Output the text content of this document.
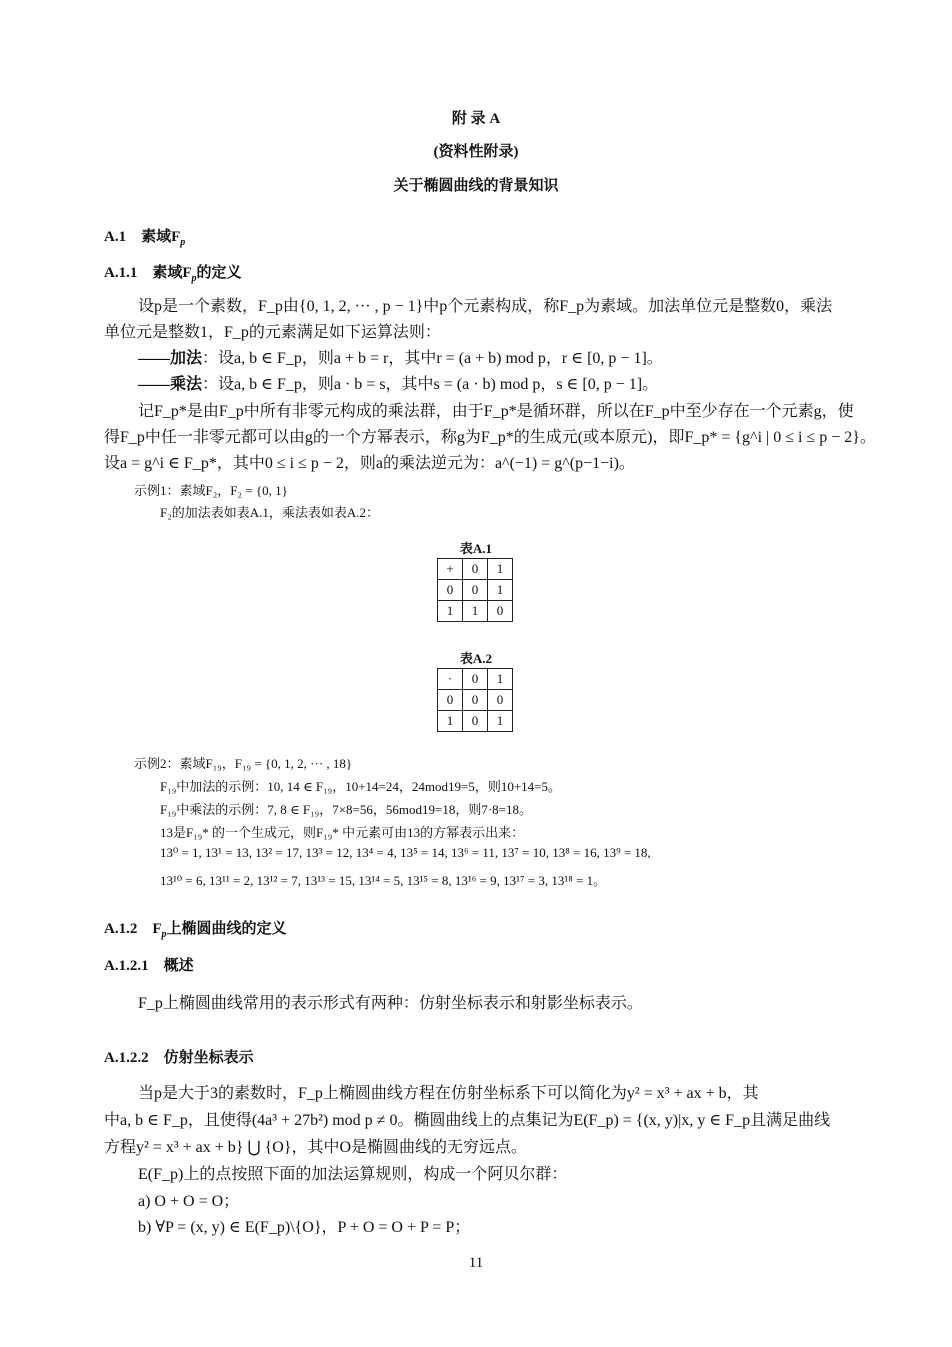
附 录 A
(资料性附录)
关于椭圆曲线的背景知识
A.1　素域$F_p$
A.1.1　素域$F_p$的定义
设p是一个素数，F_p由{0, 1, 2, ··· , p − 1}中p个元素构成，称F_p为素域。加法单位元是整数0，乘法
单位元是整数1，F_p的元素满足如下运算法则：
——加法：设a, b ∈ F_p，则a + b = r，其中r = (a + b) mod p，r ∈ [0, p − 1]。
——乘法：设a, b ∈ F_p，则a · b = s，其中s = (a · b) mod p，s ∈ [0, p − 1]。
记F_p*是由F_p中所有非零元构成的乘法群，由于F_p*是循环群，所以在F_p中至少存在一个元素g，使
得F_p中任一非零元都可以由g的一个方幂表示，称g为F_p*的生成元(或本原元)，即F_p* = {g^i | 0 ≤ i ≤ p − 2}。
设a = g^i ∈ F_p*，其中0 ≤ i ≤ p − 2，则a的乘法逆元为：a^(−1) = g^(p−1−i)。
示例1：素域F₂，F₂ = {0, 1}
F₂的加法表如表A.1，乘法表如表A.2：
表A.1
+	0	1
0	0	1
1	1	0
表A.2
·	0	1
0	0	0
1	0	1
示例2：素域F₁₉，F₁₉ = {0, 1, 2, ··· , 18}
F₁₉中加法的示例：10, 14 ∈ F₁₉，10+14=24，24mod19=5，则10+14=5。
F₁₉中乘法的示例：7, 8 ∈ F₁₉，7×8=56，56mod19=18，则7·8=18。
13是F₁₉* 的一个生成元，则F₁₉* 中元素可由13的方幂表示出来：
13⁰ = 1, 13¹ = 13, 13² = 17, 13³ = 12, 13⁴ = 4, 13⁵ = 14, 13⁶ = 11, 13⁷ = 10, 13⁸ = 16, 13⁹ = 18,
13¹⁰ = 6, 13¹¹ = 2, 13¹² = 7, 13¹³ = 15, 13¹⁴ = 5, 13¹⁵ = 8, 13¹⁶ = 9, 13¹⁷ = 3, 13¹⁸ = 1。
A.1.2　$F_p$上椭圆曲线的定义
A.1.2.1　概述
F_p上椭圆曲线常用的表示形式有两种：仿射坐标表示和射影坐标表示。
A.1.2.2　仿射坐标表示
当p是大于3的素数时，F_p上椭圆曲线方程在仿射坐标系下可以简化为y² = x³ + ax + b，其
中a, b ∈ F_p，且使得(4a³ + 27b²) mod p ≠ 0。椭圆曲线上的点集记为E(F_p) = {(x, y)|x, y ∈ F_p且满足曲线
方程y² = x³ + ax + b} ⋃ {O}，其中O是椭圆曲线的无穷远点。
E(F_p)上的点按照下面的加法运算规则，构成一个阿贝尔群：
a) O + O = O；
b) ∀P = (x, y) ∈ E(F_p)\{O}，P + O = O + P = P；
11
